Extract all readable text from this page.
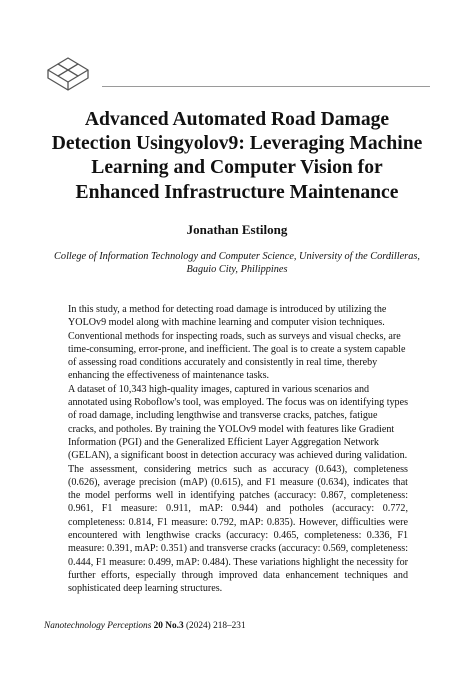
Advanced Automated Road Damage
Detection Usingyolov9: Leveraging Machine
Learning and Computer Vision for
Enhanced Infrastructure Maintenance

Jonathan Estilong

College of Information Technology and Computer Science, University of the Cordilleras,
Baguio City, Philippines

In this study, a method for detecting road damage is introduced by utilizing the YOLOv9 model along with machine learning and computer vision techniques. Conventional methods for inspecting roads, such as surveys and visual checks, are time-consuming, error-prone, and inefficient. The goal is to create a system capable of assessing road conditions accurately and consistently in real time, thereby enhancing the effectiveness of maintenance tasks.

A dataset of 10,343 high-quality images, captured in various scenarios and annotated using Roboflow's tool, was employed. The focus was on identifying types of road damage, including lengthwise and transverse cracks, patches, fatigue cracks, and potholes. By training the YOLOv9 model with features like Gradient Information (PGI) and the Generalized Efficient Layer Aggregation Network (GELAN), a significant boost in detection accuracy was achieved during validation.

The assessment, considering metrics such as accuracy (0.643), completeness (0.626), average precision (mAP) (0.615), and F1 measure (0.634), indicates that the model performs well in identifying patches (accuracy: 0.867, completeness: 0.961, F1 measure: 0.911, mAP: 0.944) and potholes (accuracy: 0.772, completeness: 0.814, F1 measure: 0.792, mAP: 0.835). However, difficulties were encountered with lengthwise cracks (accuracy: 0.465, completeness: 0.336, F1 measure: 0.391, mAP: 0.351) and transverse cracks (accuracy: 0.569, completeness: 0.444, F1 measure: 0.499, mAP: 0.484). These variations highlight the necessity for further efforts, especially through improved data enhancement techniques and sophisticated deep learning structures.

Nanotechnology Perceptions 20 No.3 (2024) 218–231
